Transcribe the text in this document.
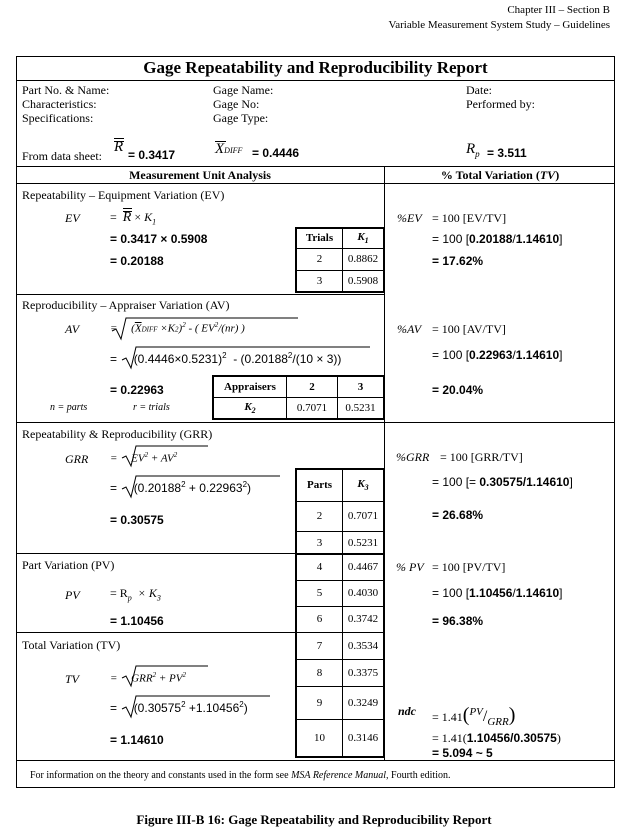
Chapter III – Section B
Variable Measurement System Study – Guidelines
Gage Repeatability and Reproducibility Report
Part No. & Name:
Characteristics:
Specifications:
Gage Name:
Gage No:
Gage Type:
Date:
Performed by:
From data sheet:
R = 0.3417	XDIFF = 0.4446	$R_p = 3.511$
Measurement Unit Analysis	% Total Variation (TV)
Repeatability – Equipment Variation (EV)
EV	=
$R \times K_1$
= 0.3417 × 0.5908
= 0.20188
Trials	$K_1$
2	0.8862
3	0.5908
%EV = 100 [EV/TV]
= 100 [0.20188/1.14610]
= 17.62%
Reproducibility – Appraiser Variation (AV)
AV	=     $(\overline{X}DIFF \times K2)^2$ - ( $EV^2/(nr)$ )
=     $(0.4446\times 0.5231)^2 - (0.20188^2/(10 \times 3))$
= 0.22963
n = parts	r = trials
Appraisers	2	3
$K_2$	0.7071	0.5231
%AV = 100 [AV/TV]
= 100 [0.22963/1.14610]
= 20.04%
Repeatability & Reproducibility (GRR)
GRR =     $EV^2 + AV^2$
=     $(0.20188^2 + 0.22963^2)$
= 0.30575
%GRR = 100 [GRR/TV]
= 100 [= 0.30575/1.14610]
= 26.68%
Parts	$K_3$
2	0.7071
3	0.5231
4	0.4467
5	0.4030
6	0.3742
7	0.3534
8	0.3375
9	0.3249
10	0.3146
Part Variation (PV)
PV	= $R_p \times K_3$
= 1.10456
% PV = 100 [PV/TV]
= 100 [1.10456/1.14610]
= 96.38%
Total Variation (TV)
TV	=     $GRR^2 + PV^2$
=     $(0.30575^2 +1.10456^2)$
= 1.14610
ndc = 1.41(PV/GRR)
= 1.41(1.10456/0.30575)
= 5.094 ~ 5
For information on the theory and constants used in the form see MSA Reference Manual, Fourth edition.
Figure III-B 16: Gage Repeatability and Reproducibility Report
